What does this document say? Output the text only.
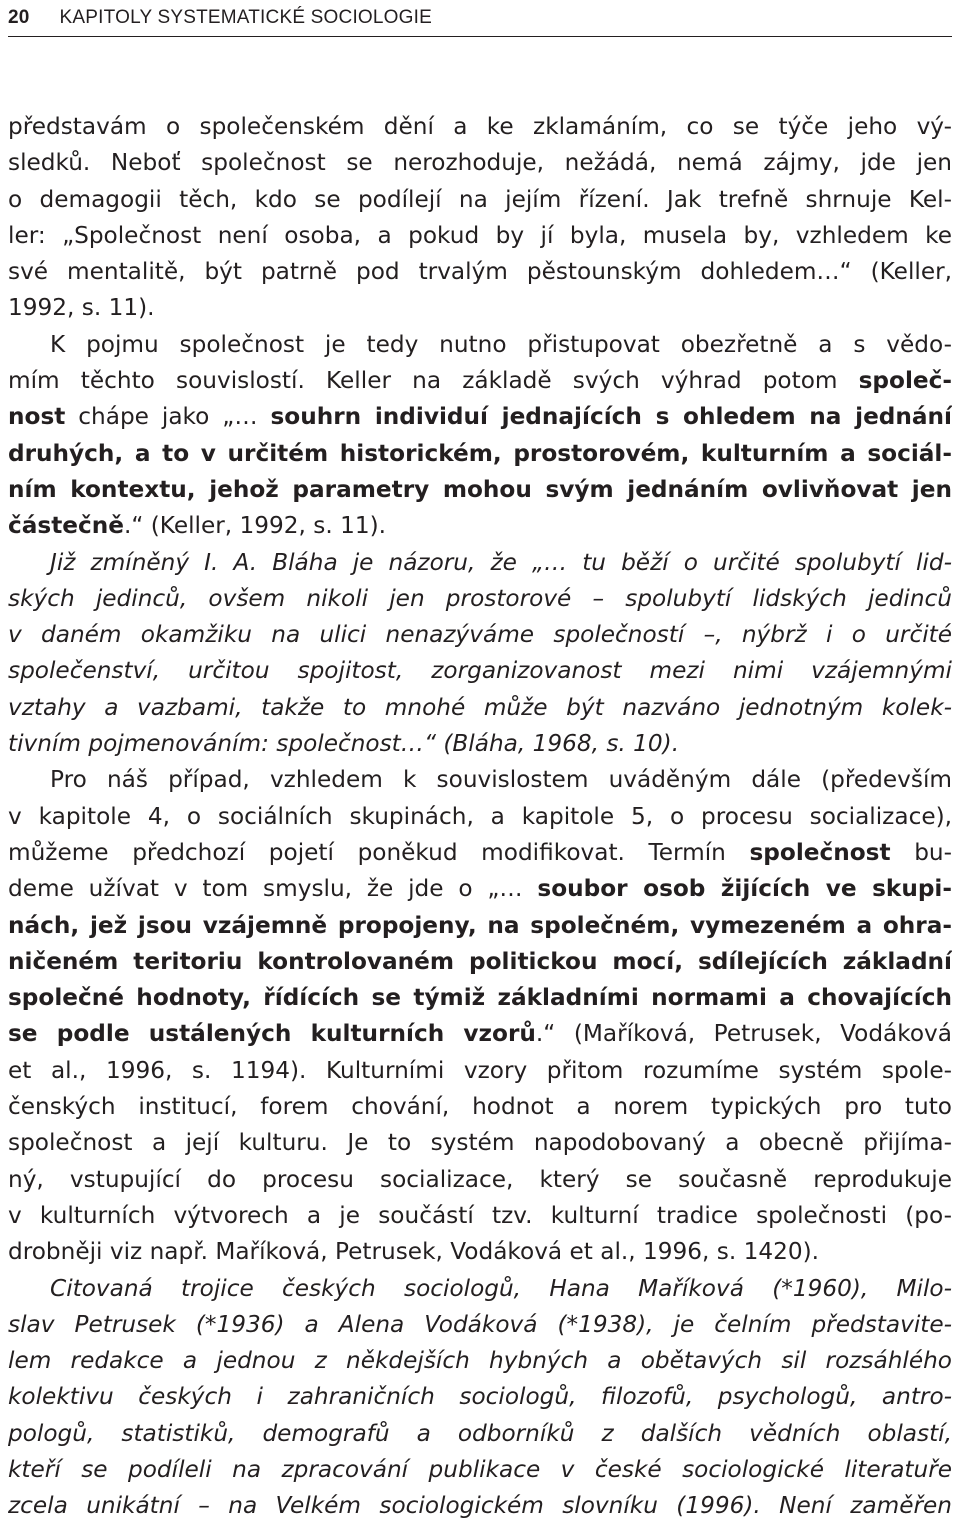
20 KAPITOLY SYSTEMATICKÉ SOCIOLOGIE
představám o společenském dění a ke zklamáním, co se týče jeho vý-
sledků. Neboť společnost se nerozhoduje, nežádá, nemá zájmy, jde jen
o demagogii těch, kdo se podílejí na jejím řízení. Jak trefně shrnuje Kel-
ler: „Společnost není osoba, a pokud by jí byla, musela by, vzhledem ke
své mentalitě, být patrně pod trvalým pěstounským dohledem…“ (Keller,
1992, s. 11).
K pojmu společnost je tedy nutno přistupovat obezřetně a s vědo-
mím těchto souvislostí. Keller na základě svých výhrad potom společ-
nost chápe jako „… souhrn individuí jednajících s ohledem na jednání
druhých, a to v určitém historickém, prostorovém, kulturním a sociál-
ním kontextu, jehož parametry mohou svým jednáním ovlivňovat jen
částečně.“ (Keller, 1992, s. 11).
Již zmíněný I. A. Bláha je názoru, že „… tu běží o určité spolubytí lid-
ských jedinců, ovšem nikoli jen prostorové – spolubytí lidských jedinců
v daném okamžiku na ulici nenazýváme společností –, nýbrž i o určité
společenství, určitou spojitost, zorganizovanost mezi nimi vzájemnými
vztahy a vazbami, takže to mnohé může být nazváno jednotným kolek-
tivním pojmenováním: společnost…“ (Bláha, 1968, s. 10).
Pro náš případ, vzhledem k souvislostem uváděným dále (především
v kapitole 4, o sociálních skupinách, a kapitole 5, o procesu socializace),
můžeme předchozí pojetí poněkud modifikovat. Termín společnost bu-
deme užívat v tom smyslu, že jde o „… soubor osob žijících ve skupi-
nách, jež jsou vzájemně propojeny, na společném, vymezeném a ohra-
ničeném teritoriu kontrolovaném politickou mocí, sdílejících základní
společné hodnoty, řídících se týmiž základními normami a chovajících
se podle ustálených kulturních vzorů.“ (Maříková, Petrusek, Vodáková
et al., 1996, s. 1194). Kulturními vzory přitom rozumíme systém spole-
čenských institucí, forem chování, hodnot a norem typických pro tuto
společnost a její kulturu. Je to systém napodobovaný a obecně přijíma-
ný, vstupující do procesu socializace, který se současně reprodukuje
v kulturních výtvorech a je součástí tzv. kulturní tradice společnosti (po-
drobněji viz např. Maříková, Petrusek, Vodáková et al., 1996, s. 1420).
Citovaná trojice českých sociologů, Hana Maříková (*1960), Milo-
slav Petrusek (*1936) a Alena Vodáková (*1938), je čelním představite-
lem redakce a jednou z někdejších hybných a obětavých sil rozsáhlého
kolektivu českých i zahraničních sociologů, filozofů, psychologů, antro-
pologů, statistiků, demografů a odborníků z dalších vědních oblastí,
kteří se podíleli na zpracování publikace v české sociologické literatuře
zcela unikátní – na Velkém sociologickém slovníku (1996). Není zaměřen
